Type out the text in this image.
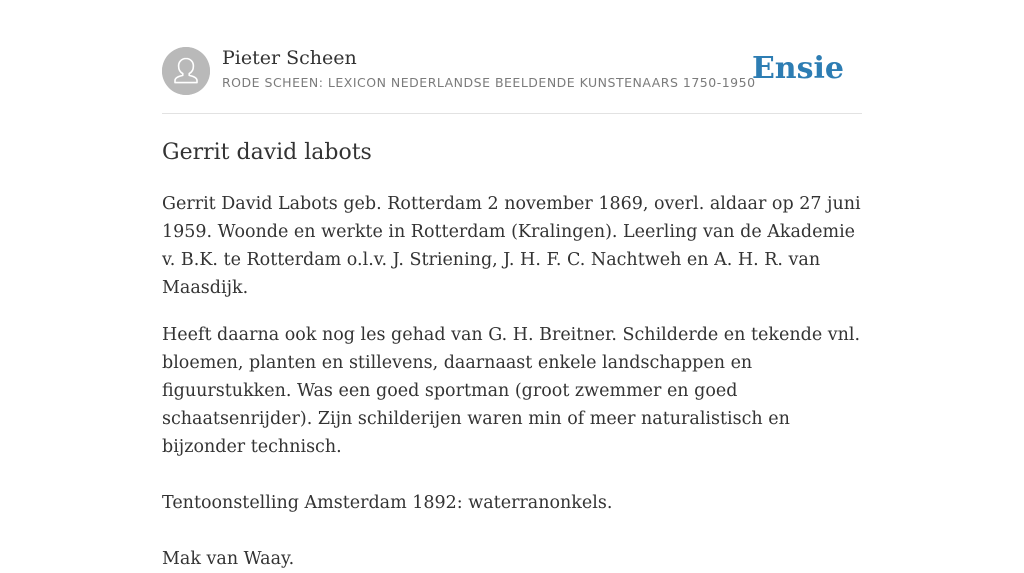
Pieter Scheen
RODE SCHEEN: LEXICON NEDERLANDSE BEELDENDE KUNSTENAARS 1750-1950
Ensie
Gerrit david labots

Gerrit David Labots geb. Rotterdam 2 november 1869, overl. aldaar op 27 juni 1959. Woonde en werkte in Rotterdam (Kralingen). Leerling van de Akademie v. B.K. te Rotterdam o.l.v. J. Striening, J. H. F. C. Nachtweh en A. H. R. van Maasdijk.

Heeft daarna ook nog les gehad van G. H. Breitner. Schilderde en tekende vnl. bloemen, planten en stillevens, daarnaast enkele landschappen en figuurstukken. Was een goed sportman (groot zwemmer en goed schaatsenrijder). Zijn schilderijen waren min of meer naturalistisch en bijzonder technisch.

Tentoonstelling Amsterdam 1892: waterranonkels.

Mak van Waay.
